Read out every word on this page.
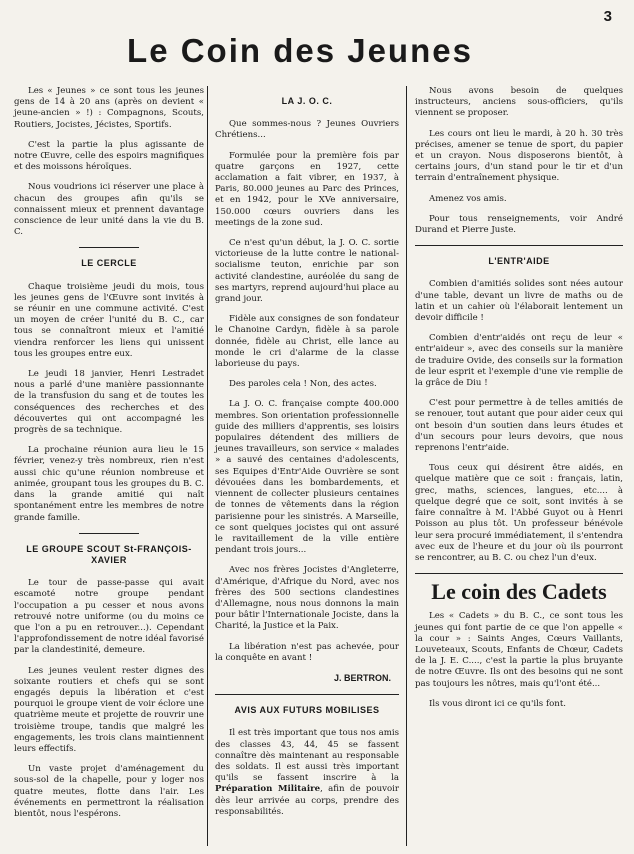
3
Le Coin des Jeunes

Les « Jeunes » ce sont tous les jeunes gens de 14 à 20 ans (après on devient « jeune-ancien » !) : Compagnons, Scouts, Routiers, Jocistes, Jécistes, Sportifs.

C'est la partie la plus agissante de notre Œuvre, celle des espoirs magnifiques et des moissons héroïques.

Nous voudrions ici réserver une place à chacun des groupes afin qu'ils se connaissent mieux et prennent davantage conscience de leur unité dans la vie du B. C.

LE CERCLE

Chaque troisième jeudi du mois, tous les jeunes gens de l'Œuvre sont invités à se réunir en une commune activité. C'est un moyen de créer l'unité du B. C., car tous se connaîtront mieux et l'amitié viendra renforcer les liens qui unissent tous les groupes entre eux.

Le jeudi 18 janvier, Henri Lestradet nous a parlé d'une manière passionnante de la transfusion du sang et de toutes les conséquences des recherches et des découvertes qui ont accompagné les progrès de sa technique.

La prochaine réunion aura lieu le 15 février, venez-y très nombreux, rien n'est aussi chic qu'une réunion nombreuse et animée, groupant tous les groupes du B. C. dans la grande amitié qui naît spontanément entre les membres de notre grande famille.

LE GROUPE SCOUT St-FRANÇOIS-XAVIER

Le tour de passe-passe qui avait escamoté notre groupe pendant l'occupation a pu cesser et nous avons retrouvé notre uniforme (ou du moins ce que l'on a pu en retrouver...). Cependant l'approfondissement de notre idéal favorisé par la clandestinité, demeure.

Les jeunes veulent rester dignes des soixante routiers et chefs qui se sont engagés depuis la libération et c'est pourquoi le groupe vient de voir éclore une quatrième meute et projette de rouvrir une troisième troupe, tandis que malgré les engagements, les trois clans maintiennent leurs effectifs.

Un vaste projet d'aménagement du sous-sol de la chapelle, pour y loger nos quatre meutes, flotte dans l'air. Les événements en permettront la réalisation bientôt, nous l'espérons.

LA J. O. C.

Que sommes-nous ? Jeunes Ouvriers Chrétiens...

Formulée pour la première fois par quatre garçons en 1927, cette acclamation a fait vibrer, en 1937, à Paris, 80.000 jeunes au Parc des Princes, et en 1942, pour le XVe anniversaire, 150.000 cœurs ouvriers dans les meetings de la zone sud.

Ce n'est qu'un début, la J. O. C. sortie victorieuse de la lutte contre le national-socialisme teuton, enrichie par son activité clandestine, auréolée du sang de ses martyrs, reprend aujourd'hui place au grand jour.

Fidèle aux consignes de son fondateur le Chanoine Cardyn, fidèle à sa parole donnée, fidèle au Christ, elle lance au monde le cri d'alarme de la classe laborieuse du pays.

Des paroles cela ! Non, des actes.

La J. O. C. française compte 400.000 membres. Son orientation professionnelle guide des milliers d'apprentis, ses loisirs populaires détendent des milliers de jeunes travailleurs, son service « malades » a sauvé des centaines d'adolescents, ses Equipes d'Entr'Aide Ouvrière se sont dévouées dans les bombardements, et viennent de collecter plusieurs centaines de tonnes de vêtements dans la région parisienne pour les sinistrés. A Marseille, ce sont quelques jocistes qui ont assuré le ravitaillement de la ville entière pendant trois jours...

Avec nos frères Jocistes d'Angleterre, d'Amérique, d'Afrique du Nord, avec nos frères des 500 sections clandestines d'Allemagne, nous nous donnons la main pour bâtir l'Internationale Jociste, dans la Charité, la Justice et la Paix.

La libération n'est pas achevée, pour la conquête en avant !

J. BERTRON.
AVIS AUX FUTURS MOBILISES

Il est très important que tous nos amis des classes 43, 44, 45 se fassent connaître dès maintenant au responsable des soldats. Il est aussi très important qu'ils se fassent inscrire à la Préparation Militaire, afin de pouvoir dès leur arrivée au corps, prendre des responsabilités.

Nous avons besoin de quelques instructeurs, anciens sous-officiers, qu'ils viennent se proposer.

Les cours ont lieu le mardi, à 20 h. 30 très précises, amener se tenue de sport, du papier et un crayon. Nous disposerons bientôt, à certains jours, d'un stand pour le tir et d'un terrain d'entraînement physique.

Amenez vos amis.

Pour tous renseignements, voir André Durand et Pierre Juste.

L'ENTR'AIDE

Combien d'amitiés solides sont nées autour d'une table, devant un livre de maths ou de latin et un cahier où l'élaborait lentement un devoir difficile !

Combien d'entr'aidés ont reçu de leur « entr'aideur », avec des conseils sur la manière de traduire Ovide, des conseils sur la formation de leur esprit et l'exemple d'une vie remplie de la grâce de Diu !

C'est pour permettre à de telles amitiés de se renouer, tout autant que pour aider ceux qui ont besoin d'un soutien dans leurs études et d'un secours pour leurs devoirs, que nous reprenons l'entr'aide.

Tous ceux qui désirent être aidés, en quelque matière que ce soit : français, latin, grec, maths, sciences, langues, etc.... à quelque degré que ce soit, sont invités à se faire connaître à M. l'Abbé Guyot ou à Henri Poisson au plus tôt. Un professeur bénévole leur sera procuré immédiatement, il s'entendra avec eux de l'heure et du jour où ils pourront se rencontrer, au B. C. ou chez l'un d'eux.

Le coin des Cadets

Les « Cadets » du B. C., ce sont tous les jeunes qui font partie de ce que l'on appelle « la cour » : Saints Anges, Cœurs Vaillants, Louveteaux, Scouts, Enfants de Chœur, Cadets de la J. E. C...., c'est la partie la plus bruyante de notre Œuvre. Ils ont des besoins qui ne sont pas toujours les nôtres, mais qu'l'ont été...

Ils vous diront ici ce qu'ils font.
